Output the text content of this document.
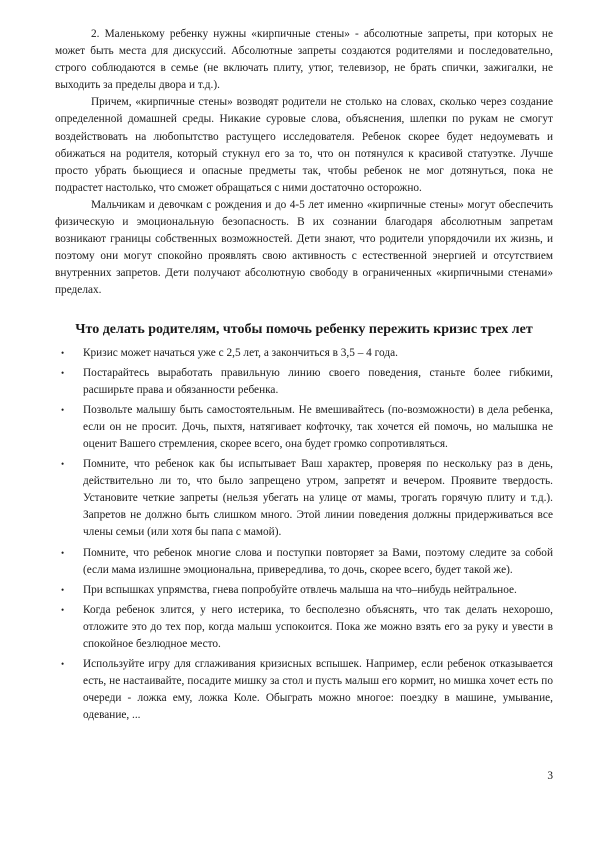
2. Маленькому ребенку нужны «кирпичные стены» - абсолютные запреты, при которых не может быть места для дискуссий. Абсолютные запреты создаются родителями и последовательно, строго соблюдаются в семье (не включать плиту, утюг, телевизор, не брать спички, зажигалки, не выходить за пределы двора и т.д.).

Причем, «кирпичные стены» возводят родители не столько на словах, сколько через создание определенной домашней среды. Никакие суровые слова, объяснения, шлепки по рукам не смогут воздействовать на любопытство растущего исследователя. Ребенок скорее будет недоумевать и обижаться на родителя, который стукнул его за то, что он потянулся к красивой статуэтке. Лучше просто убрать бьющиеся и опасные предметы так, чтобы ребенок не мог дотянуться, пока не подрастет настолько, что сможет обращаться с ними достаточно осторожно.

Мальчикам и девочкам с рождения и до 4-5 лет именно «кирпичные стены» могут обеспечить физическую и эмоциональную безопасность. В их сознании благодаря абсолютным запретам возникают границы собственных возможностей. Дети знают, что родители упорядочили их жизнь, и поэтому они могут спокойно проявлять свою активность с естественной энергией и отсутствием внутренних запретов. Дети получают абсолютную свободу в ограниченных «кирпичными стенами» пределах.

Что делать родителям, чтобы помочь ребенку пережить кризис трех лет
• Кризис может начаться уже с 2,5 лет, а закончиться в 3,5 – 4 года.
• Постарайтесь выработать правильную линию своего поведения, станьте более гибкими, расширьте права и обязанности ребенка.
• Позвольте малышу быть самостоятельным. Не вмешивайтесь (по-возможности) в дела ребенка, если он не просит. Дочь, пыхтя, натягивает кофточку, так хочется ей помочь, но малышка не оценит Вашего стремления, скорее всего, она будет громко сопротивляться.
• Помните, что ребенок как бы испытывает Ваш характер, проверяя по нескольку раз в день, действительно ли то, что было запрещено утром, запретят и вечером. Проявите твердость. Установите четкие запреты (нельзя убегать на улице от мамы, трогать горячую плиту и т.д.). Запретов не должно быть слишком много. Этой линии поведения должны придерживаться все члены семьи (или хотя бы папа с мамой).
• Помните, что ребенок многие слова и поступки повторяет за Вами, поэтому следите за собой (если мама излишне эмоциональна, привередлива, то дочь, скорее всего, будет такой же).
• При вспышках упрямства, гнева попробуйте отвлечь малыша на что–нибудь нейтральное.
• Когда ребенок злится, у него истерика, то бесполезно объяснять, что так делать нехорошо, отложите это до тех пор, когда малыш успокоится. Пока же можно взять его за руку и увести в спокойное безлюдное место.
• Используйте игру для сглаживания кризисных вспышек. Например, если ребенок отказывается есть, не настаивайте, посадите мишку за стол и пусть малыш его кормит, но мишка хочет есть по очереди - ложка ему, ложка Коле. Обыграть можно многое: поездку в машине, умывание, одевание, ...
3
